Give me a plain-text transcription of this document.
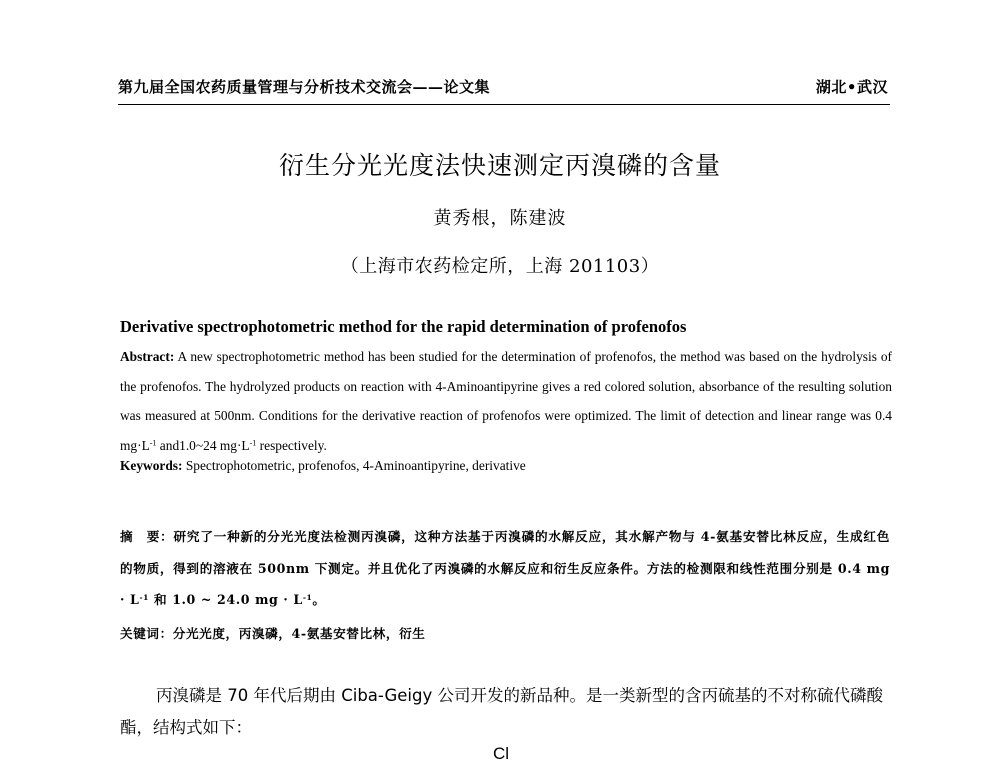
第九届全国农药质量管理与分析技术交流会——论文集	湖北•武汉
衍生分光光度法快速测定丙溴磷的含量
黄秀根，陈建波
（上海市农药检定所，上海 201103）
Derivative spectrophotometric method for the rapid determination of profenofos
Abstract: A new spectrophotometric method has been studied for the determination of profenofos, the method was based on the hydrolysis of the profenofos. The hydrolyzed products on reaction with 4-Aminoantipyrine gives a red colored solution, absorbance of the resulting solution was measured at 500nm. Conditions for the derivative reaction of profenofos were optimized. The limit of detection and linear range was 0.4 $mg\cdot L^{-1}$ and1.0~24 $mg\cdot L^{-1}$ respectively.
Keywords: Spectrophotometric, profenofos, 4-Aminoantipyrine, derivative
摘　要：研究了一种新的分光光度法检测丙溴磷，这种方法基于丙溴磷的水解反应，其水解产物与 4-氨基安替比林反应，生成红色的物质，得到的溶液在 500nm 下测定。并且优化了丙溴磷的水解反应和衍生反应条件。方法的检测限和线性范围分别是 0.4 mg · $L^{-1}$ 和 1.0 ~ 24.0 mg · $L^{-1}$。
关键词：分光光度，丙溴磷，4-氨基安替比林，衍生
丙溴磷是 70 年代后期由 Ciba-Geigy 公司开发的新品种。是一类新型的含丙硫基的不对称硫代磷酸酯，结构式如下：
Cl
